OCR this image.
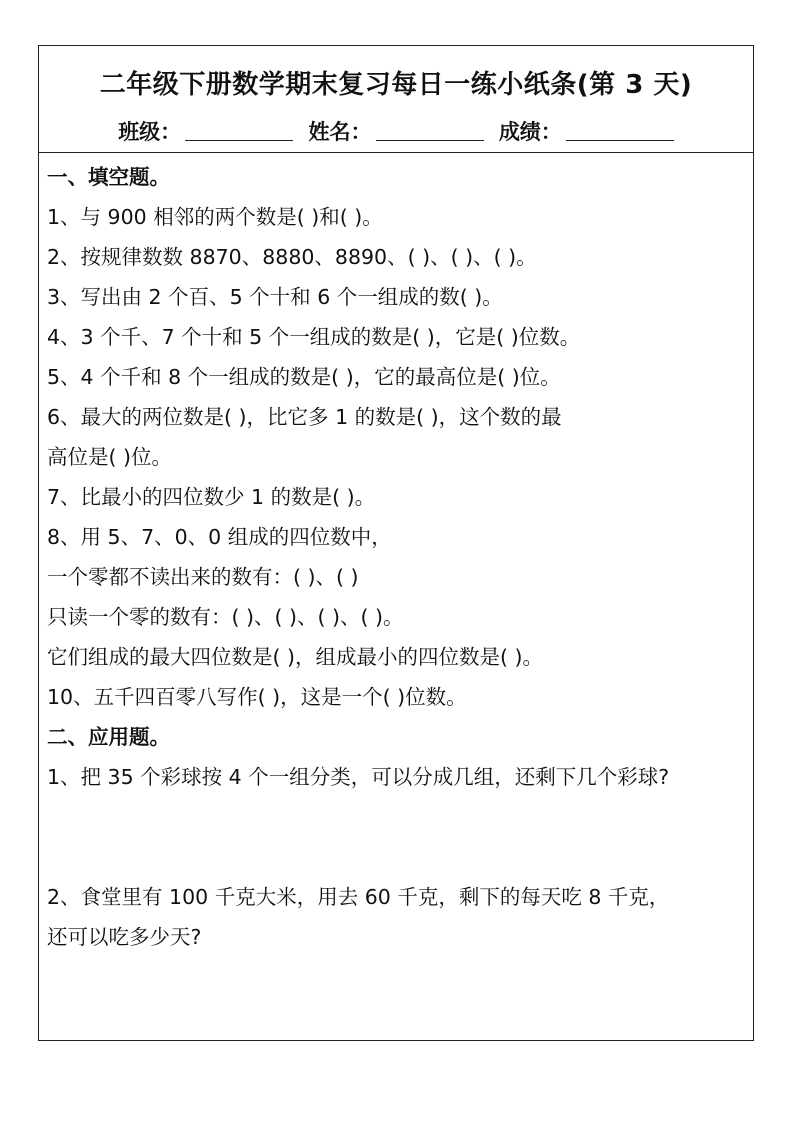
二年级下册数学期末复习每日一练小纸条(第 3 天)
班级：	姓名：	成绩：
一、填空题。
1、与 900 相邻的两个数是( )和( )。
2、按规律数数 8870、8880、8890、( )、( )、( )。
3、写出由 2 个百、5 个十和 6 个一组成的数( )。
4、3 个千、7 个十和 5 个一组成的数是( )，它是( )位数。
5、4 个千和 8 个一组成的数是( )，它的最高位是( )位。
6、最大的两位数是( )，比它多 1 的数是( )，这个数的最
高位是( )位。
7、比最小的四位数少 1 的数是( )。
8、用 5、7、0、0 组成的四位数中，
一个零都不读出来的数有：( )、( )
只读一个零的数有：( )、( )、( )、( )。
它们组成的最大四位数是( )，组成最小的四位数是( )。
10、五千四百零八写作( )，这是一个( )位数。
二、应用题。
1、把 35 个彩球按 4 个一组分类，可以分成几组，还剩下几个彩球?
2、食堂里有 100 千克大米，用去 60 千克，剩下的每天吃 8 千克，
还可以吃多少天?
